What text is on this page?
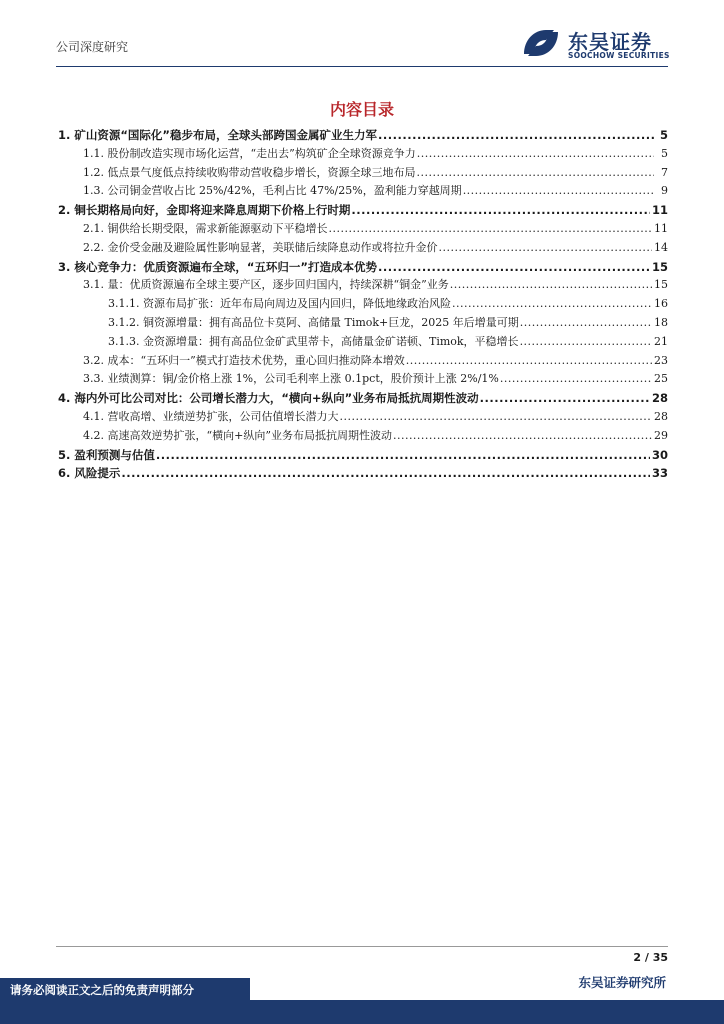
公司深度研究	东吴证券
SOOCHOW SECURITIES
内容目录
1. 矿山资源“国际化”稳步布局，全球头部跨国金属矿业生力军 .....	5
1.1. 股份制改造实现市场化运营，“走出去”构筑矿企全球资源竞争力 .....	5
1.2. 低点景气度低点持续收购带动营收稳步增长，资源全球三地布局 .....	7
1.3. 公司铜金营收占比 25%/42%，毛利占比 47%/25%，盈利能力穿越周期 .....	9
2. 铜长期格局向好，金即将迎来降息周期下价格上行时期 .....	11
2.1. 铜供给长期受限，需求新能源驱动下平稳增长 .....	11
2.2. 金价受金融及避险属性影响显著，美联储后续降息动作或将拉升金价 .....	14
3. 核心竞争力：优质资源遍布全球，“五环归一”打造成本优势 .....	15
3.1. 量：优质资源遍布全球主要产区，逐步回归国内，持续深耕“铜金”业务 .....	15
3.1.1. 资源布局扩张：近年布局向周边及国内回归，降低地缘政治风险 .....	16
3.1.2. 铜资源增量：拥有高品位卡莫阿、高储量 Timok+巨龙，2025 年后增量可期 .....	18
3.1.3. 金资源增量：拥有高品位金矿武里蒂卡，高储量金矿诺顿、Timok，平稳增长 .....	21
3.2. 成本：“五环归一”模式打造技术优势，重心回归推动降本增效 .....	23
3.3. 业绩测算：铜/金价格上涨 1%，公司毛利率上涨 0.1pct，股价预计上涨 2%/1% .....	25
4. 海内外可比公司对比：公司增长潜力大，“横向+纵向”业务布局抵抗周期性波动 .....	28
4.1. 营收高增、业绩逆势扩张，公司估值增长潜力大 .....	28
4.2. 高速高效逆势扩张，“横向+纵向”业务布局抵抗周期性波动 .....	29
5. 盈利预测与估值 .....	30
6. 风险提示 .....	33
2 / 35
请务必阅读正文之后的免责声明部分	东吴证券研究所
